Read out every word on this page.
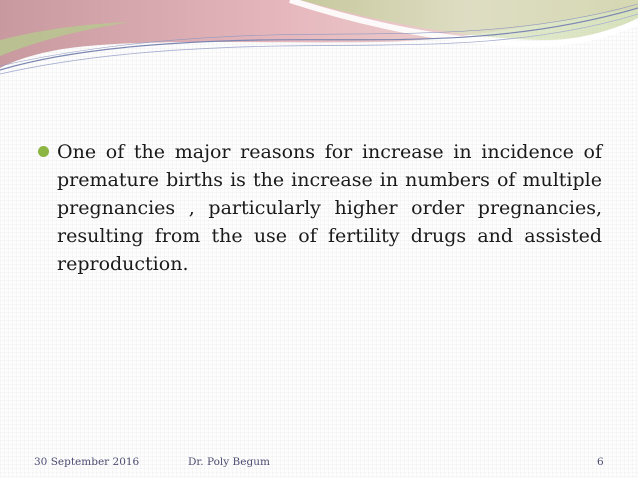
One of the major reasons for increase in incidence of premature births is the increase in numbers of multiple pregnancies , particularly higher order pregnancies, resulting from the use of fertility drugs and assisted reproduction.
30 September 2016	Dr. Poly Begum	6
